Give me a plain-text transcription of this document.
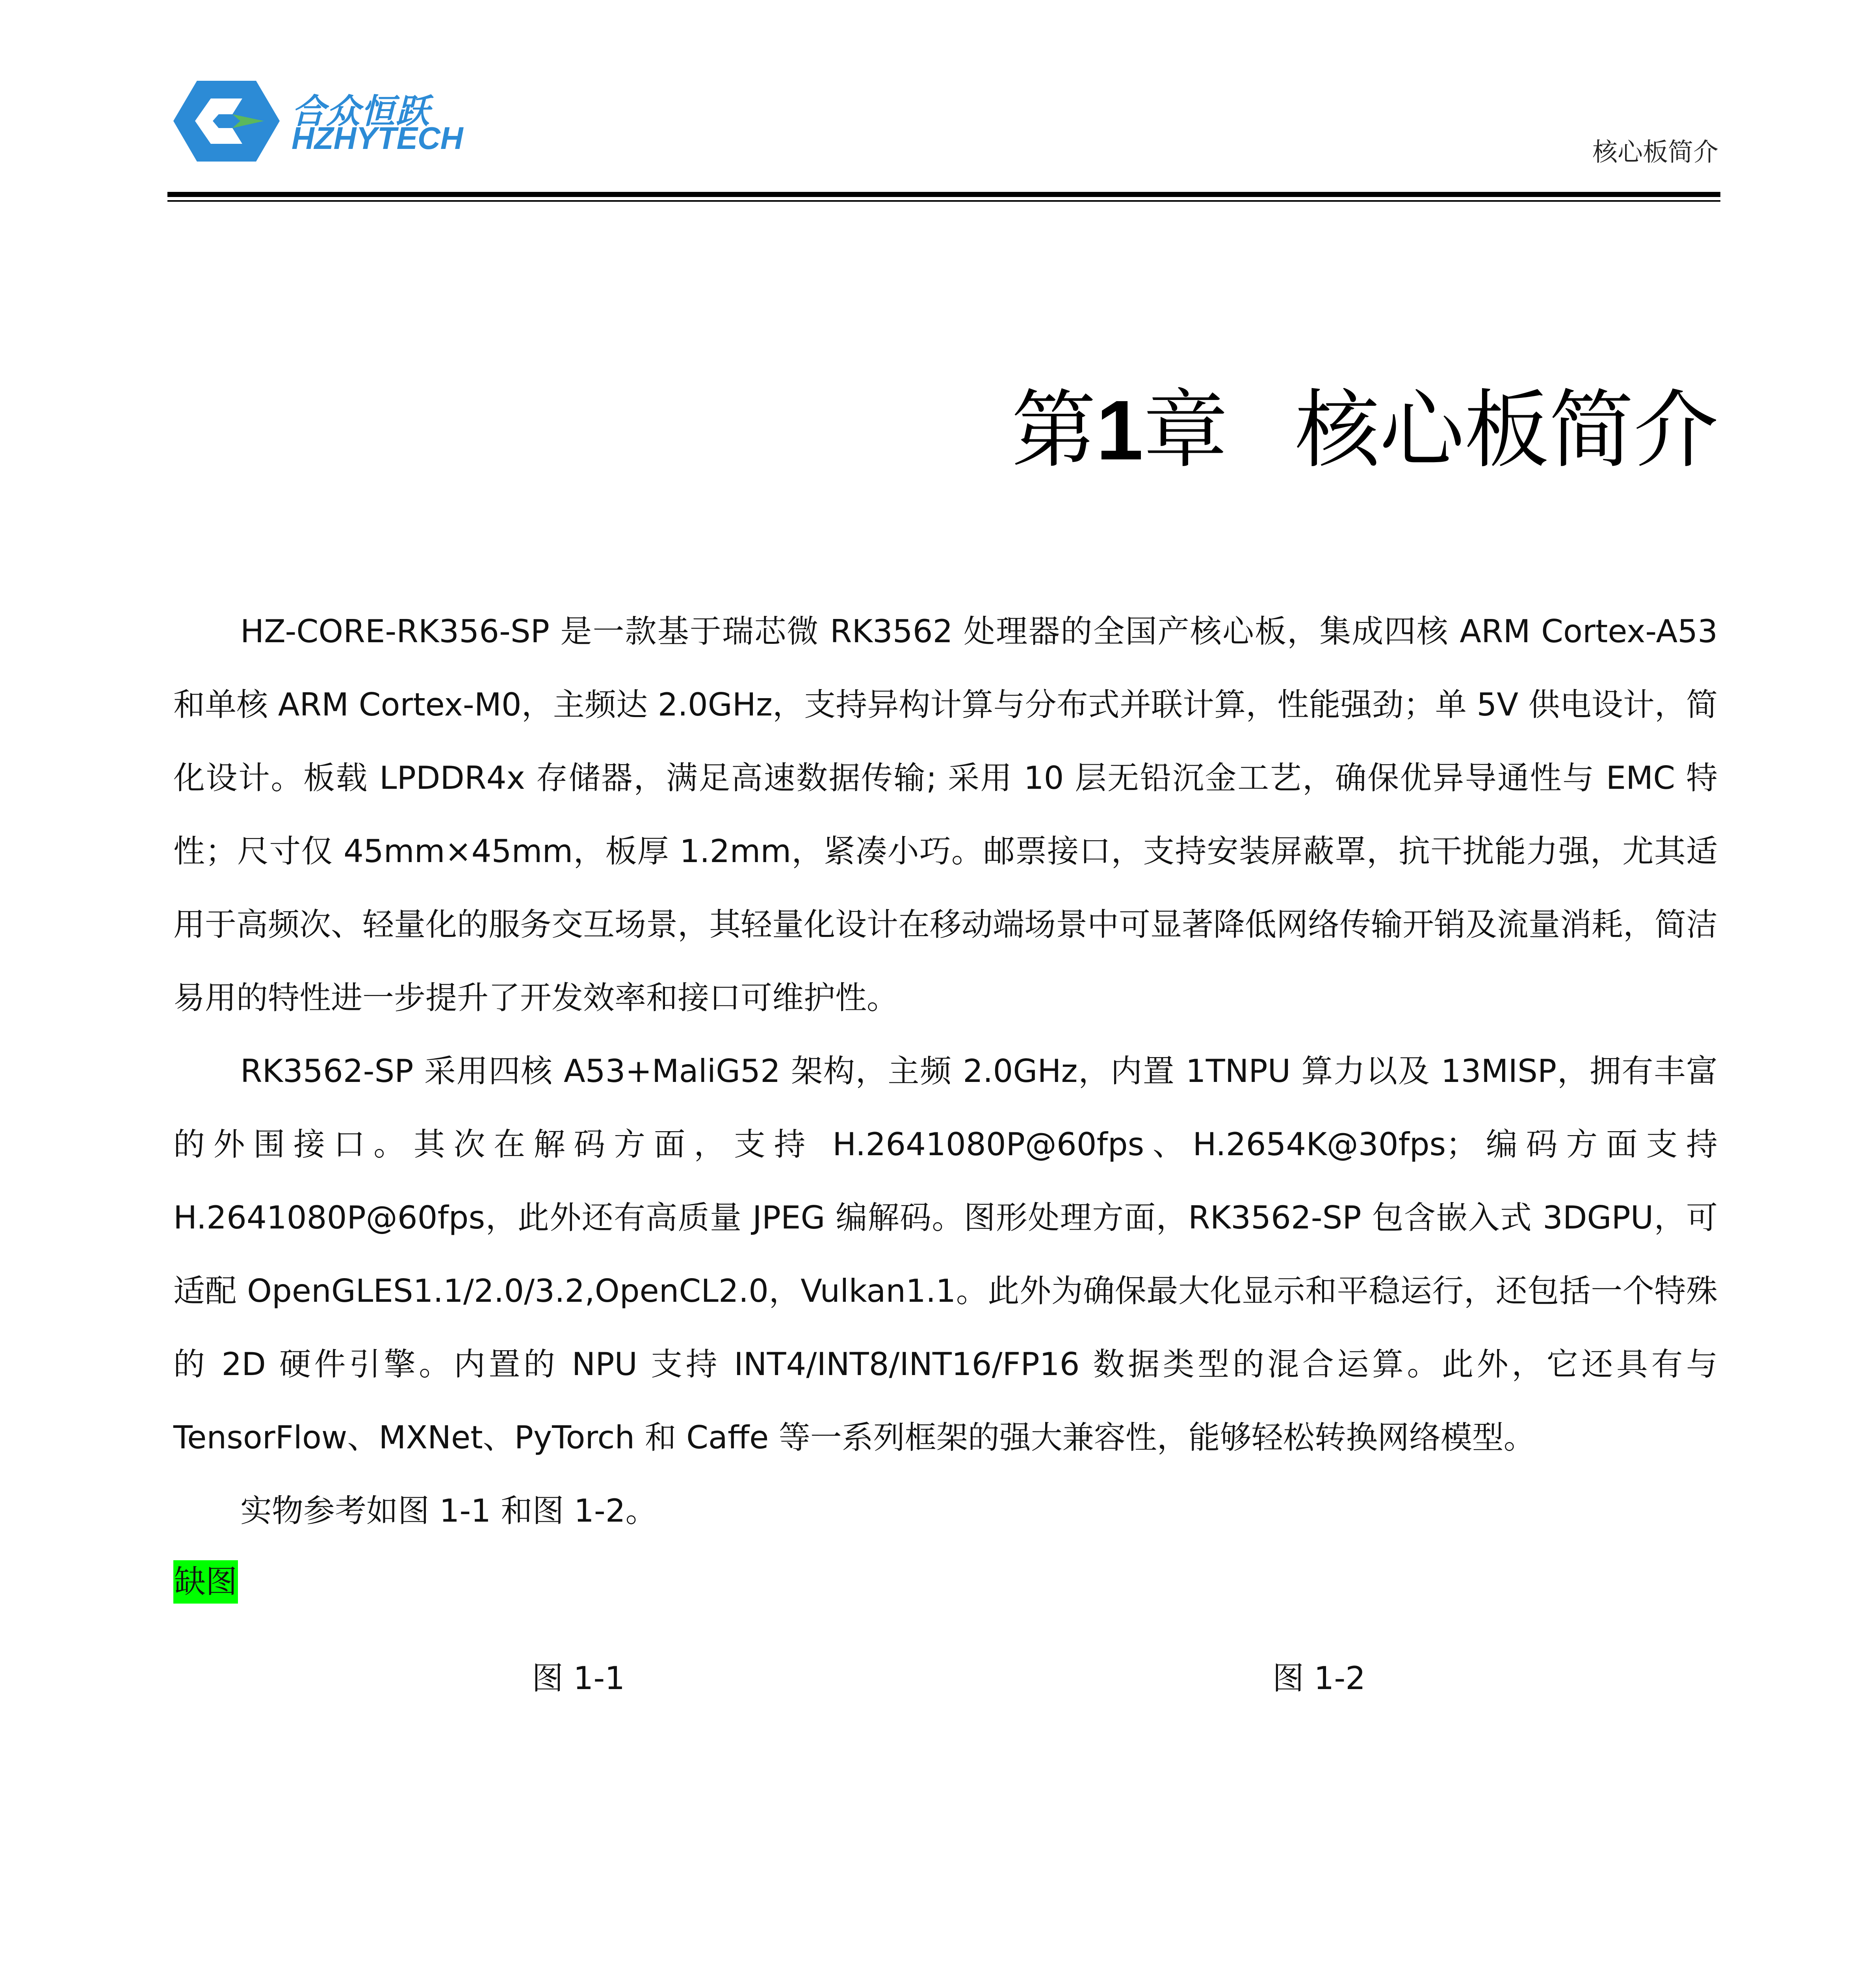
合众恒跃
HZHYTECH	核心板简介
第1章 核心板简介

HZ-CORE-RK356-SP 是一款基于瑞芯微 RK3562 处理器的全国产核心板，集成四核 ARM Cortex-A53 和单核 ARM Cortex-M0，主频达 2.0GHz，支持异构计算与分布式并联计算，性能强劲；单 5V 供电设计，简化设计。板载 LPDDR4x 存储器，满足高速数据传输; 采用 10 层无铅沉金工艺，确保优异导通性与 EMC 特性；尺寸仅 45mm×45mm，板厚 1.2mm，紧凑小巧。邮票接口，支持安装屏蔽罩，抗干扰能力强，尤其适用于高频次、轻量化的服务交互场景，其轻量化设计在移动端场景中可显著降低网络传输开销及流量消耗，简洁易用的特性进一步提升了开发效率和接口可维护性。

RK3562-SP 采用四核 A53+MaliG52 架构，主频 2.0GHz，内置 1TNPU 算力以及 13MISP，拥有丰富的外围接口。其次在解码方面，支持 H.2641080P@60fps、H.2654K@30fps；编码方面支持 H.2641080P@60fps，此外还有高质量 JPEG 编解码。图形处理方面，RK3562-SP 包含嵌入式 3DGPU，可适配 OpenGLES1.1/2.0/3.2,OpenCL2.0，Vulkan1.1。此外为确保最大化显示和平稳运行，还包括一个特殊的 2D 硬件引擎。内置的 NPU 支持 INT4/INT8/INT16/FP16 数据类型的混合运算。此外，它还具有与 TensorFlow、MXNet、PyTorch 和 Caffe 等一系列框架的强大兼容性，能够轻松转换网络模型。

实物参考如图 1-1 和图 1-2。

缺图
图 1-1	图 1-2
